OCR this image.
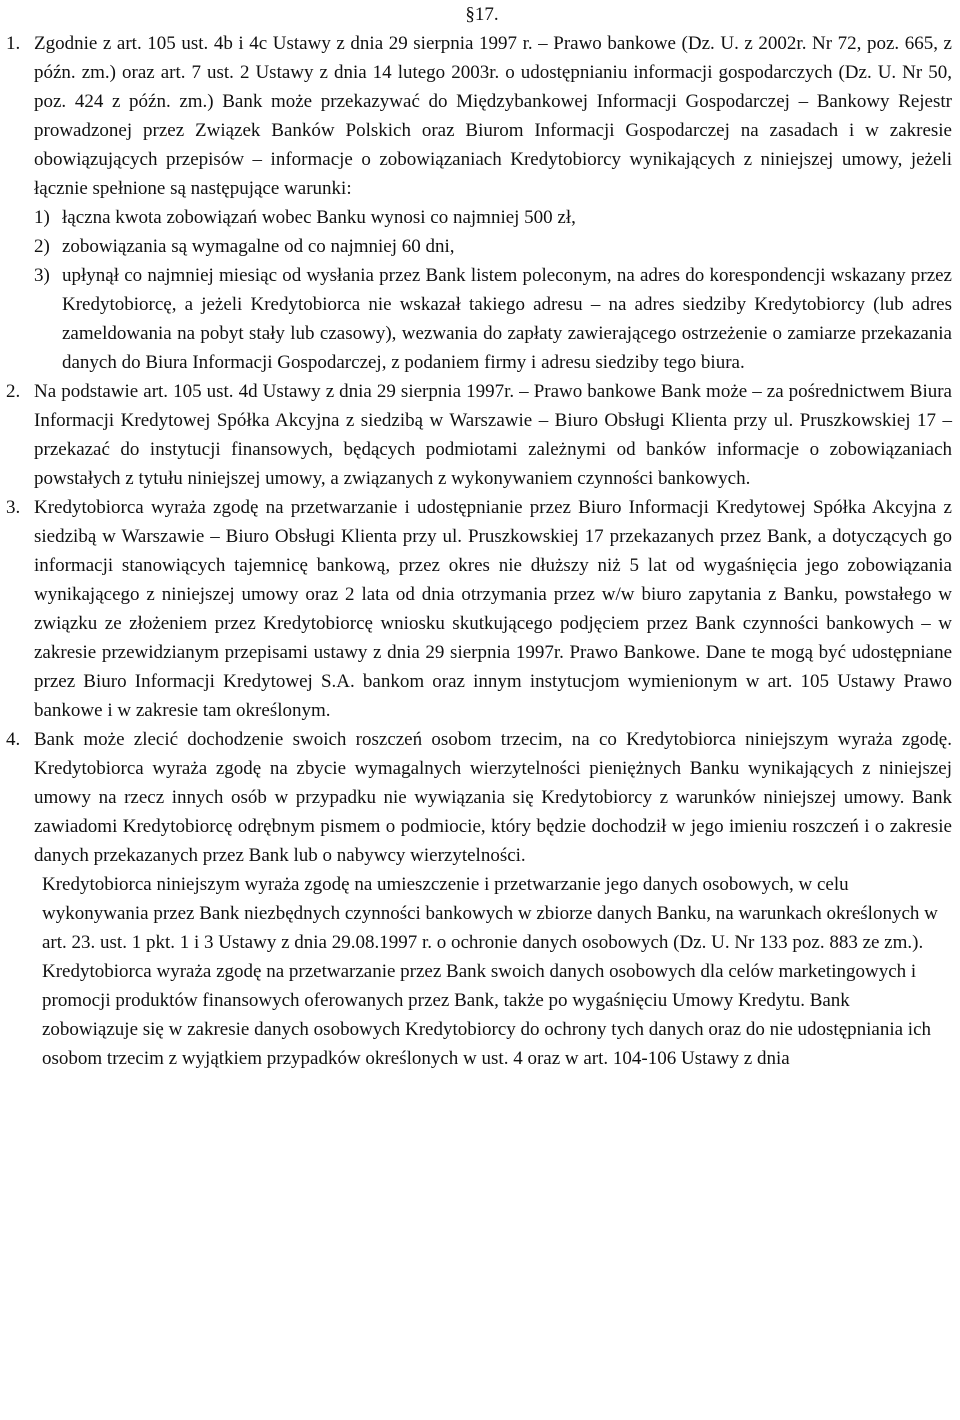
§17.
1. Zgodnie z art. 105 ust. 4b i 4c Ustawy z dnia 29 sierpnia 1997 r. – Prawo bankowe (Dz. U. z 2002r. Nr 72, poz. 665, z późn. zm.) oraz art. 7 ust. 2 Ustawy z dnia 14 lutego 2003r. o udostępnianiu informacji gospodarczych (Dz. U. Nr 50, poz. 424 z późn. zm.) Bank może przekazywać do Międzybankowej Informacji Gospodarczej – Bankowy Rejestr prowadzonej przez Związek Banków Polskich oraz Biurom Informacji Gospodarczej na zasadach i w zakresie obowiązujących przepisów – informacje o zobowiązaniach Kredytobiorcy wynikających z niniejszej umowy, jeżeli łącznie spełnione są następujące warunki:
1) łączna kwota zobowiązań wobec Banku wynosi co najmniej 500 zł,
2) zobowiązania są wymagalne od co najmniej 60 dni,
3) upłynął co najmniej miesiąc od wysłania przez Bank listem poleconym, na adres do korespondencji wskazany przez Kredytobiorcę, a jeżeli Kredytobiorca nie wskazał takiego adresu – na adres siedziby Kredytobiorcy (lub adres zameldowania na pobyt stały lub czasowy), wezwania do zapłaty zawierającego ostrzeżenie o zamiarze przekazania danych do Biura Informacji Gospodarczej, z podaniem firmy i adresu siedziby tego biura.
2. Na podstawie art. 105 ust. 4d Ustawy z dnia 29 sierpnia 1997r. – Prawo bankowe Bank może – za pośrednictwem Biura Informacji Kredytowej Spółka Akcyjna z siedzibą w Warszawie – Biuro Obsługi Klienta przy ul. Pruszkowskiej 17 – przekazać do instytucji finansowych, będących podmiotami zależnymi od banków informacje o zobowiązaniach powstałych z tytułu niniejszej umowy, a związanych z wykonywaniem czynności bankowych.
3. Kredytobiorca wyraża zgodę na przetwarzanie i udostępnianie przez Biuro Informacji Kredytowej Spółka Akcyjna z siedzibą w Warszawie – Biuro Obsługi Klienta przy ul. Pruszkowskiej 17 przekazanych przez Bank, a dotyczących go informacji stanowiących tajemnicę bankową, przez okres nie dłuższy niż 5 lat od wygaśnięcia jego zobowiązania wynikającego z niniejszej umowy oraz 2 lata od dnia otrzymania przez w/w biuro zapytania z Banku, powstałego w związku ze złożeniem przez Kredytobiorcę wniosku skutkującego podjęciem przez Bank czynności bankowych – w zakresie przewidzianym przepisami ustawy z dnia 29 sierpnia 1997r. Prawo Bankowe. Dane te mogą być udostępniane przez Biuro Informacji Kredytowej S.A. bankom oraz innym instytucjom wymienionym w art. 105 Ustawy Prawo bankowe i w zakresie tam określonym.
4. Bank może zlecić dochodzenie swoich roszczeń osobom trzecim, na co Kredytobiorca niniejszym wyraża zgodę. Kredytobiorca wyraża zgodę na zbycie wymagalnych wierzytelności pieniężnych Banku wynikających z niniejszej umowy na rzecz innych osób w przypadku nie wywiązania się Kredytobiorcy z warunków niniejszej umowy. Bank zawiadomi Kredytobiorcę odrębnym pismem o podmiocie, który będzie dochodził w jego imieniu roszczeń i o zakresie danych przekazanych przez Bank lub o nabywcy wierzytelności.

Kredytobiorca niniejszym wyraża zgodę na umieszczenie i przetwarzanie jego danych osobowych, w celu wykonywania przez Bank niezbędnych czynności bankowych w zbiorze danych Banku, na warunkach określonych w art. 23. ust. 1 pkt. 1 i 3 Ustawy z dnia 29.08.1997 r. o ochronie danych osobowych (Dz. U. Nr 133 poz. 883 ze zm.).

Kredytobiorca wyraża zgodę na przetwarzanie przez Bank swoich danych osobowych dla celów marketingowych i promocji produktów finansowych oferowanych przez Bank, także po wygaśnięciu Umowy Kredytu. Bank zobowiązuje się w zakresie danych osobowych Kredytobiorcy do ochrony tych danych oraz do nie udostępniania ich osobom trzecim z wyjątkiem przypadków określonych w ust. 4 oraz w art. 104-106 Ustawy z dnia
